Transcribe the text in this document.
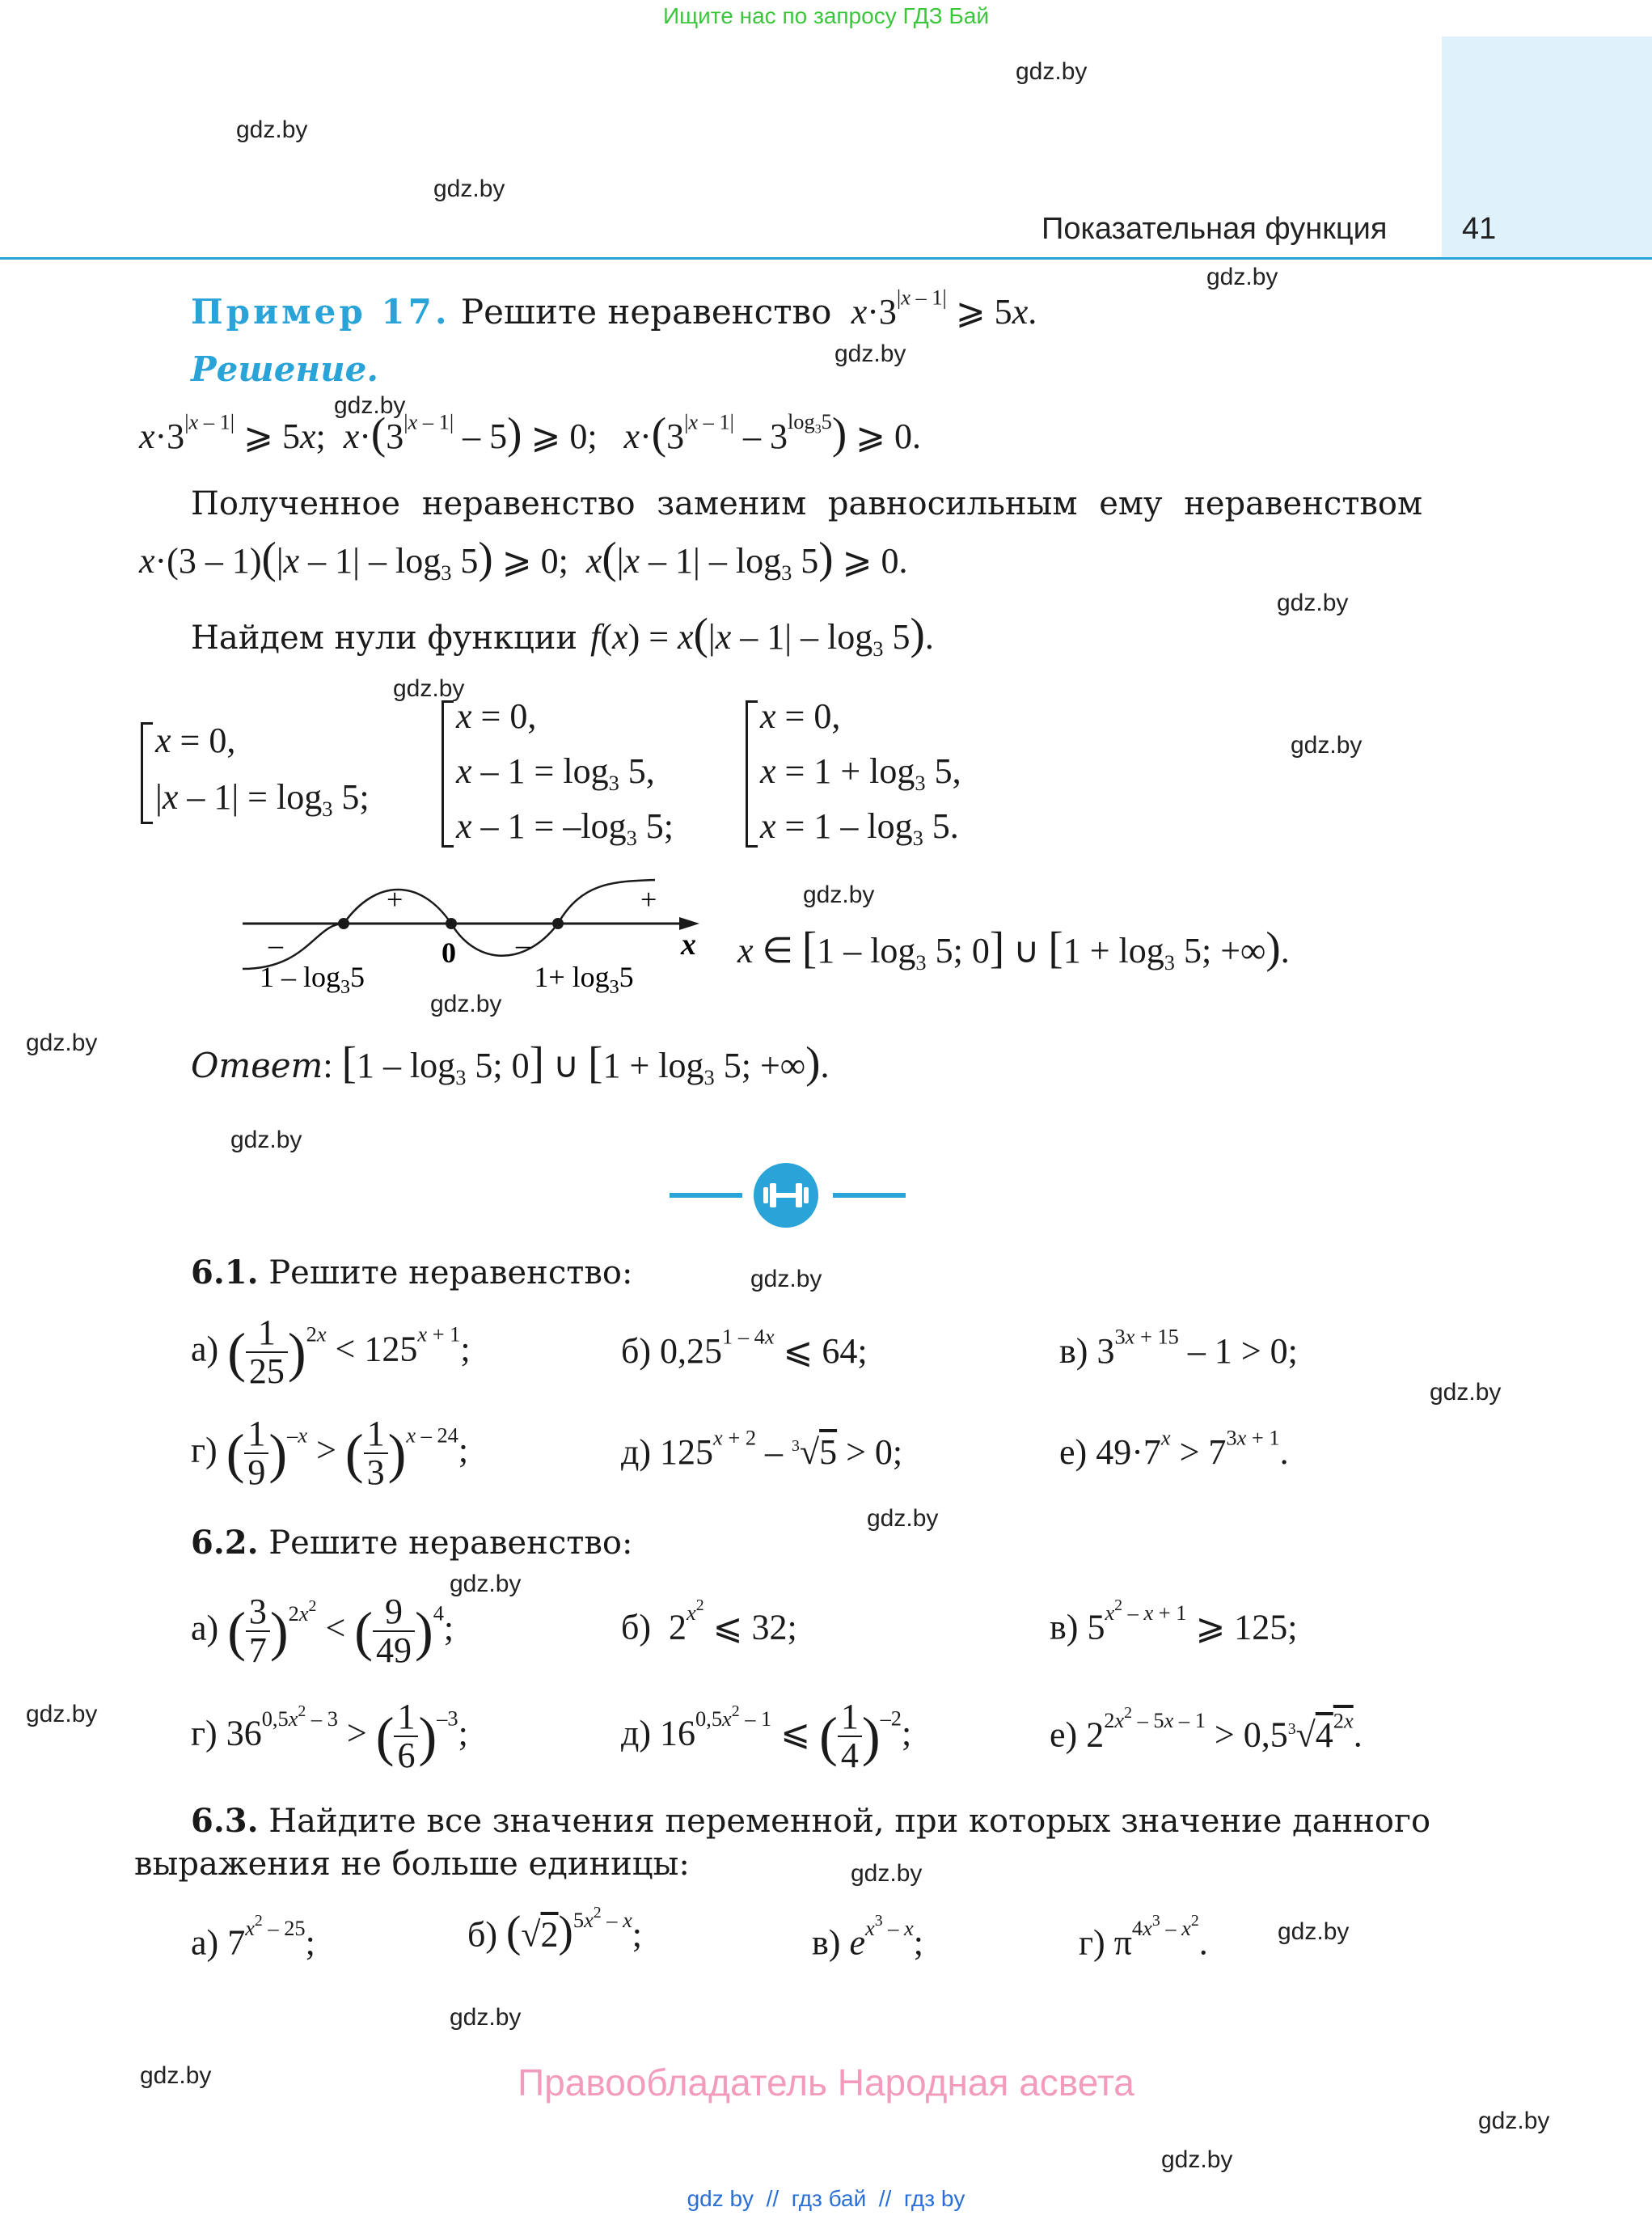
Ищите нас по запросу ГДЗ Бай
Показательная функция 41
gdz.by
gdz.by
gdz.by
gdz.by
gdz.by
gdz.by
gdz.by
gdz.by
gdz.by
gdz.by
gdz.by
gdz.by
gdz.by
gdz.by
gdz.by
gdz.by
gdz.by
gdz.by
gdz.by
gdz.by
gdz.by
gdz.by
gdz.by
gdz.by
Пример 17. Решите неравенство $x\cdot 3^{|x - 1|}$ ⩾ 5x.
Решение.
$x\cdot 3^{|x - 1|}$ ⩾ 5x;  $x\cdot(3^{|x - 1|} - 5)$ ⩾ 0;   $x\cdot(3^{|x - 1|} - 3^{log_35})$ ⩾ 0.
Полученное неравенство заменим равносильным ему неравенством
$x\cdot(3 - 1)(|x - 1| - \log_3 5)$ ⩾ 0;  $x(|x - 1| - \log_3 5)$ ⩾ 0.
Найдем нули функции $f(x) = x(|x - 1| - \log_3 5)$.
x = 0,
$|x - 1| = \log_3 5$;
x = 0,
$x - 1 = \log_3 5$,
$x - 1 = -\log_3$ 5;
x = 0,
$x = 1 + \log_3 5$,
$x = 1 - \log_3 5$.
–
+
–
+
x
0
$1 - \log_35$	$1+ \log_35$
x ∈ [$1 - \log_3 5$; 0] ∪ [$1 + \log_3 5$; +∞).
Ответ: [$1 - \log_3 5$; 0] ∪ [$1 + \log_3 5$; +∞).
6.1. Решите неравенство:
а) ( $\frac{1}{25} )^{2x} < 125^{x + 1}$;	б) $0,25^{1 - 4x}$ ⩽ 64;	в) $3^{3x + 15} - 1 > 0$;
г) ( $\frac{1}{9} )^{-x}$ > ( $\frac{1}{3} )^{x - 24}$;	д) $125^{x + 2} - ^3√5 > 0$;	е) $49\cdot 7^x > 7^{3x + 1}$.
6.2. Решите неравенство:
а) ( $\frac{3}{7} )^{2x^2}$ < ( $\frac{9}{49} )^4$;	б)  $2^{x^2}$ ⩽ 32;	в) $5^{x^2 - x + 1}$ ⩾ 125;
г) $36^{0,5x^2 - 3}$ > ( $\frac{1}{6} )^{-3}$;	д) $16^{0,5x^2 - 1}$ ⩽ ( $\frac{1}{4} )^{-2}$;	е) $2^{2x^2 - 5x - 1} > 0,5^3√4^{2x}$.
6.3. Найдите все значения переменной, при которых значение данного
выражения не больше единицы:
а) $7^{x^2 - 25}$;	б) $(√2)^{5x^2 - x}$;	в) $e^{x^3 - x}$;	г) $\pi^{4x^3 - x^2}$.
Правообладатель Народная асвета
gdz by  //  гдз бай  //  гдз by
